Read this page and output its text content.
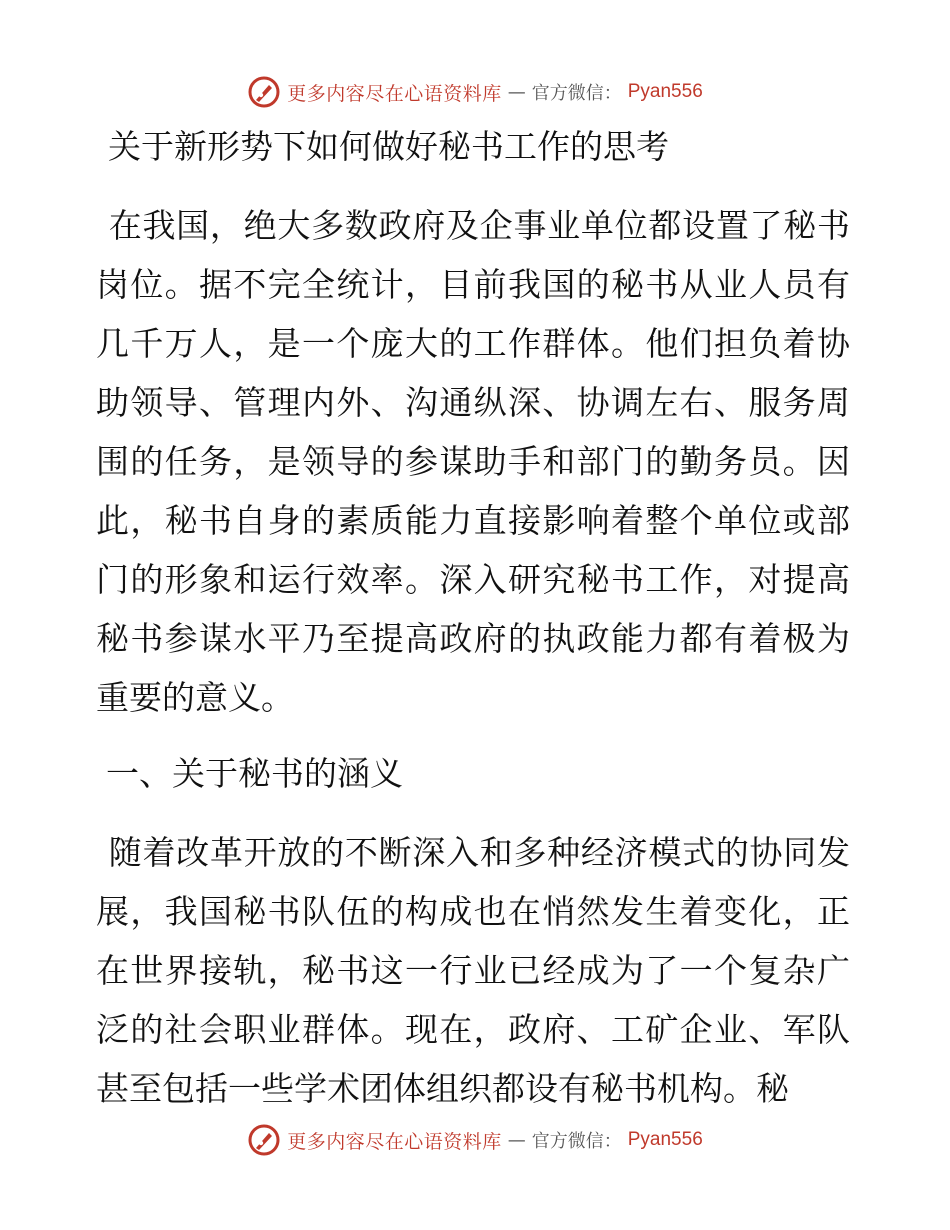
更多内容尽在心语资料库 — 官方微信： Pyan556
关于新形势下如何做好秘书工作的思考

在我国，绝大多数政府及企事业单位都设置了秘书岗位。据不完全统计，目前我国的秘书从业人员有几千万人，是一个庞大的工作群体。他们担负着协助领导、管理内外、沟通纵深、协调左右、服务周围的任务，是领导的参谋助手和部门的勤务员。因此，秘书自身的素质能力直接影响着整个单位或部门的形象和运行效率。深入研究秘书工作，对提高秘书参谋水平乃至提高政府的执政能力都有着极为重要的意义。

一、关于秘书的涵义

随着改革开放的不断深入和多种经济模式的协同发展，我国秘书队伍的构成也在悄然发生着变化，正在世界接轨，秘书这一行业已经成为了一个复杂广泛的社会职业群体。现在，政府、工矿企业、军队甚至包括一些学术团体组织都设有秘书机构。秘

更多内容尽在心语资料库 — 官方微信： Pyan556
